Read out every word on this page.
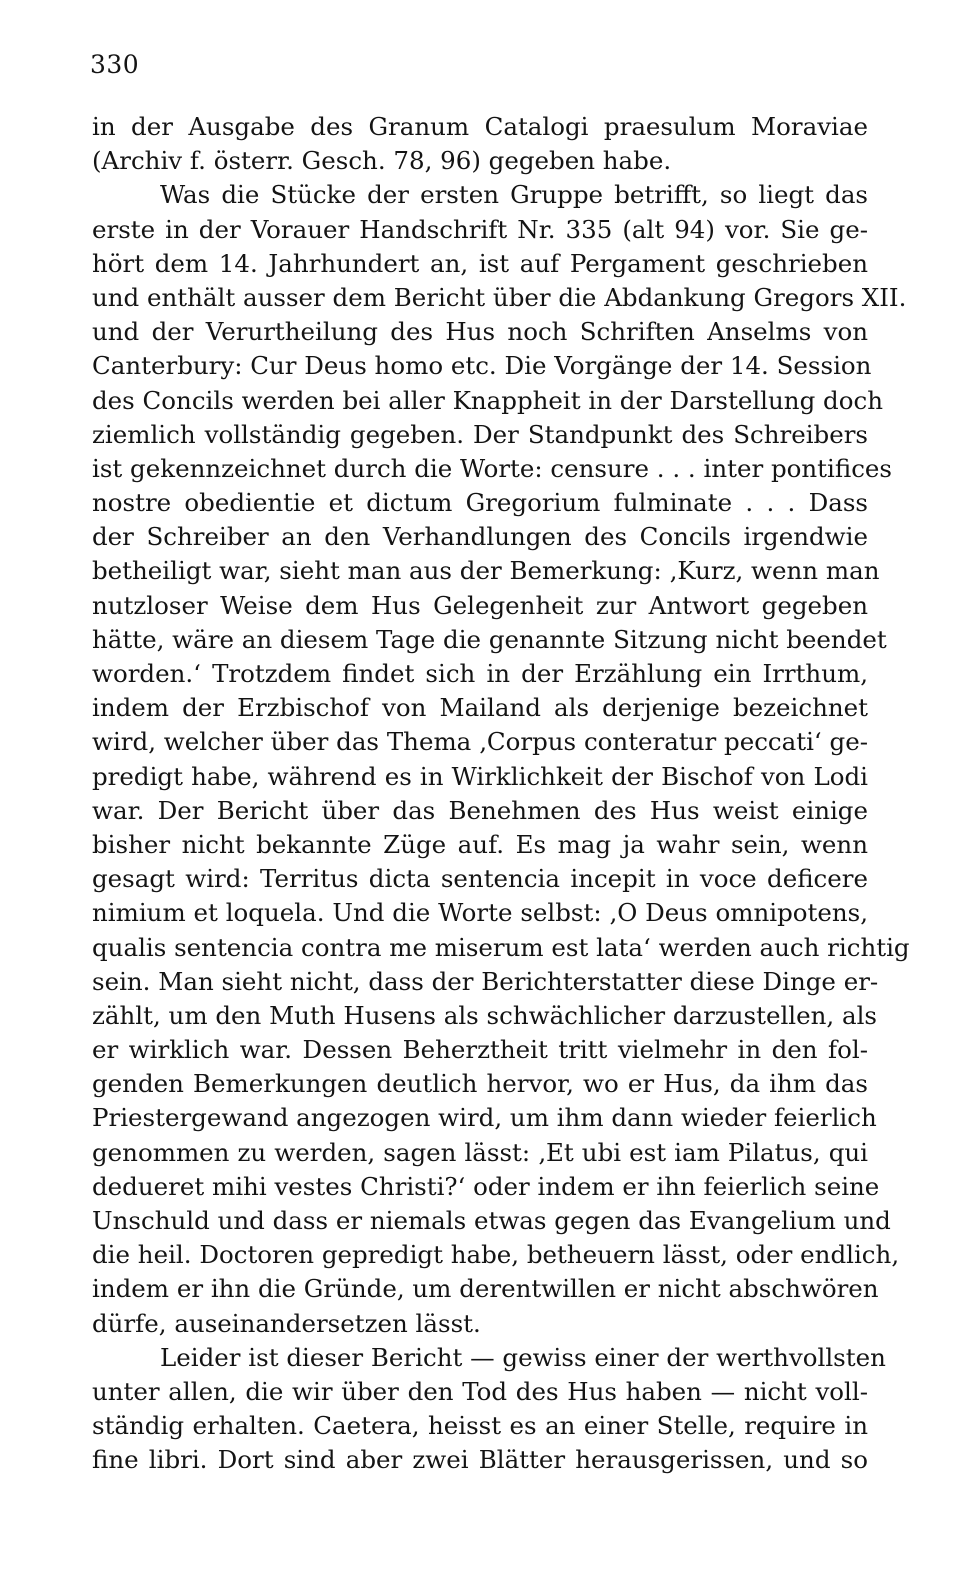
330
in der Ausgabe des Granum Catalogi praesulum Moraviae
(Archiv f. österr. Gesch. 78, 96) gegeben habe.
Was die Stücke der ersten Gruppe betrifft, so liegt das
erste in der Vorauer Handschrift Nr. 335 (alt 94) vor. Sie ge-
hört dem 14. Jahrhundert an, ist auf Pergament geschrieben
und enthält ausser dem Bericht über die Abdankung Gregors XII.
und der Verurtheilung des Hus noch Schriften Anselms von
Canterbury: Cur Deus homo etc. Die Vorgänge der 14. Session
des Concils werden bei aller Knappheit in der Darstellung doch
ziemlich vollständig gegeben. Der Standpunkt des Schreibers
ist gekennzeichnet durch die Worte: censure . . . inter pontifices
nostre obedientie et dictum Gregorium fulminate . . . Dass
der Schreiber an den Verhandlungen des Concils irgendwie
betheiligt war, sieht man aus der Bemerkung: ‚Kurz, wenn man
nutzloser Weise dem Hus Gelegenheit zur Antwort gegeben
hätte, wäre an diesem Tage die genannte Sitzung nicht beendet
worden.‘ Trotzdem findet sich in der Erzählung ein Irrthum,
indem der Erzbischof von Mailand als derjenige bezeichnet
wird, welcher über das Thema ‚Corpus conteratur peccati‘ ge-
predigt habe, während es in Wirklichkeit der Bischof von Lodi
war. Der Bericht über das Benehmen des Hus weist einige
bisher nicht bekannte Züge auf. Es mag ja wahr sein, wenn
gesagt wird: Territus dicta sentencia incepit in voce deficere
nimium et loquela. Und die Worte selbst: ‚O Deus omnipotens,
qualis sentencia contra me miserum est lata‘ werden auch richtig
sein. Man sieht nicht, dass der Berichterstatter diese Dinge er-
zählt, um den Muth Husens als schwächlicher darzustellen, als
er wirklich war. Dessen Beherztheit tritt vielmehr in den fol-
genden Bemerkungen deutlich hervor, wo er Hus, da ihm das
Priestergewand angezogen wird, um ihm dann wieder feierlich
genommen zu werden, sagen lässt: ‚Et ubi est iam Pilatus, qui
dedueret mihi vestes Christi?‘ oder indem er ihn feierlich seine
Unschuld und dass er niemals etwas gegen das Evangelium und
die heil. Doctoren gepredigt habe, betheuern lässt, oder endlich,
indem er ihn die Gründe, um derentwillen er nicht abschwören
dürfe, auseinandersetzen lässt.
Leider ist dieser Bericht — gewiss einer der werthvollsten
unter allen, die wir über den Tod des Hus haben — nicht voll-
ständig erhalten. Caetera, heisst es an einer Stelle, require in
fine libri. Dort sind aber zwei Blätter herausgerissen, und so
